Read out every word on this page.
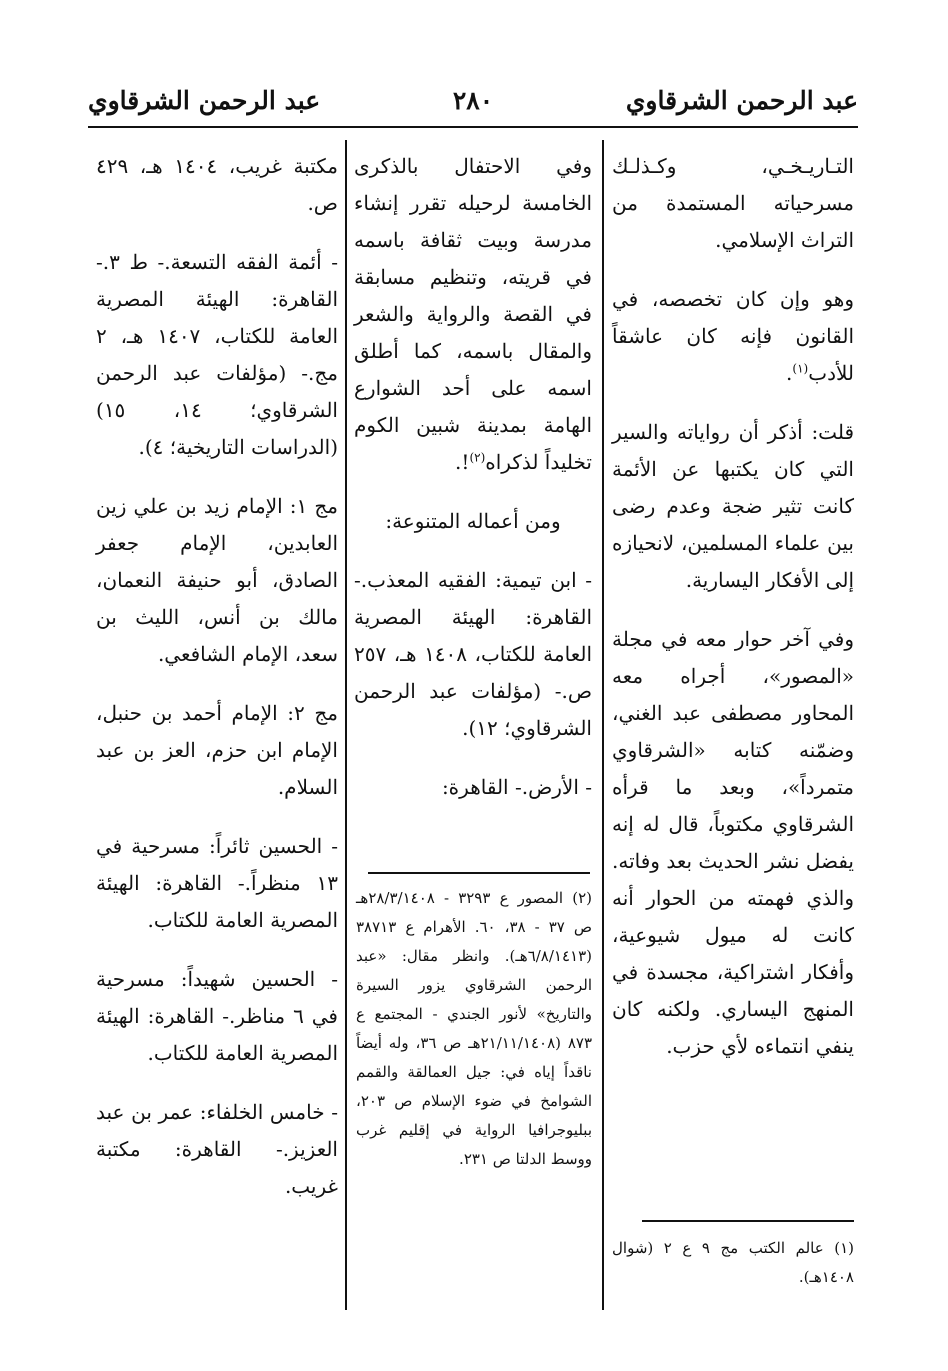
عبد الرحمن الشرقاوي
٢٨٠
عبد الرحمن الشرقاوي

التـاريـخـي، وكـذلـك مسرحياته المستمدة من التراث الإسلامي.

وهو وإن كان تخصصه، في القانون فإنه كان عاشقاً للأدب$^{(١)}$.

قلت: أذكر أن رواياته والسير التي كان يكتبها عن الأئمة كانت تثير ضجة وعدم رضى بين علماء المسلمين، لانحيازه إلى الأفكار اليسارية.

وفي آخر حوار معه في مجلة «المصور»، أجراه معه المحاور مصطفى عبد الغني، وضمّنه كتابه «الشرقاوي متمرداً»، وبعد ما قرأه الشرقاوي مكتوباً، قال له إنه يفضل نشر الحديث بعد وفاته. والذي فهمته من الحوار أنه كانت له ميول شيوعية، وأفكار اشتراكية، مجسدة في المنهج اليساري. ولكنه كان ينفي انتماءه لأي حزب.

(١) عالم الكتب مج ٩ ع ٢ (شوال ١٤٠٨هـ).

وفي الاحتفال بالذكرى الخامسة لرحيله تقرر إنشاء مدرسة وبيت ثقافة باسمه في قريته، وتنظيم مسابقة في القصة والرواية والشعر والمقال باسمه، كما أطلق اسمه على أحد الشوارع الهامة بمدينة شبين الكوم تخليداً لذكراه$^{(٢)}$!.

ومن أعماله المتنوعة:

- ابن تيمية: الفقيه المعذب.- القاهرة: الهيئة المصرية العامة للكتاب، ١٤٠٨ هـ، ٢٥٧ ص.- (مؤلفات عبد الرحمن الشرقاوي؛ ١٢).

- الأرض.- القاهرة:

(٢) المصور ع ٣٢٩٣ - ٢٨/٣/١٤٠٨هـ ص ٣٧ - ٣٨، ٦٠. الأهرام ع ٣٨٧١٣ (٦/٨/١٤١٣هـ). وانظر مقال: «عبد الرحمن الشرقاوي يزور السيرة والتاريخ» لأنور الجندي - المجتمع ع ٨٧٣ (٢١/١١/١٤٠٨هـ ص ٣٦، وله أيضاً ناقداً إياه في: جيل العمالقة والقمم الشوامخ في ضوء الإسلام ص ٢٠٣، ببليوجرافيا الرواية في إقليم غرب ووسط الدلتا ص ٢٣١.

مكتبة غريب، ١٤٠٤ هـ، ٤٢٩ ص.

- أئمة الفقه التسعة.- ط ٣.- القاهرة: الهيئة المصرية العامة للكتاب، ١٤٠٧ هـ، ٢ مج.- (مؤلفات عبد الرحمن الشرقاوي؛ ١٤، ١٥) (الدراسات التاريخية؛ ٤).

مج ١: الإمام زيد بن علي زين العابدين، الإمام جعفر الصادق، أبو حنيفة النعمان، مالك بن أنس، الليث بن سعد، الإمام الشافعي.

مج ٢: الإمام أحمد بن حنبل، الإمام ابن حزم، العز بن عبد السلام.

- الحسين ثائراً: مسرحية في ١٣ منظراً.- القاهرة: الهيئة المصرية العامة للكتاب.

- الحسين شهيداً: مسرحية في ٦ مناظر.- القاهرة: الهيئة المصرية العامة للكتاب.

- خامس الخلفاء: عمر بن عبد العزيز.- القاهرة: مكتبة غريب.
